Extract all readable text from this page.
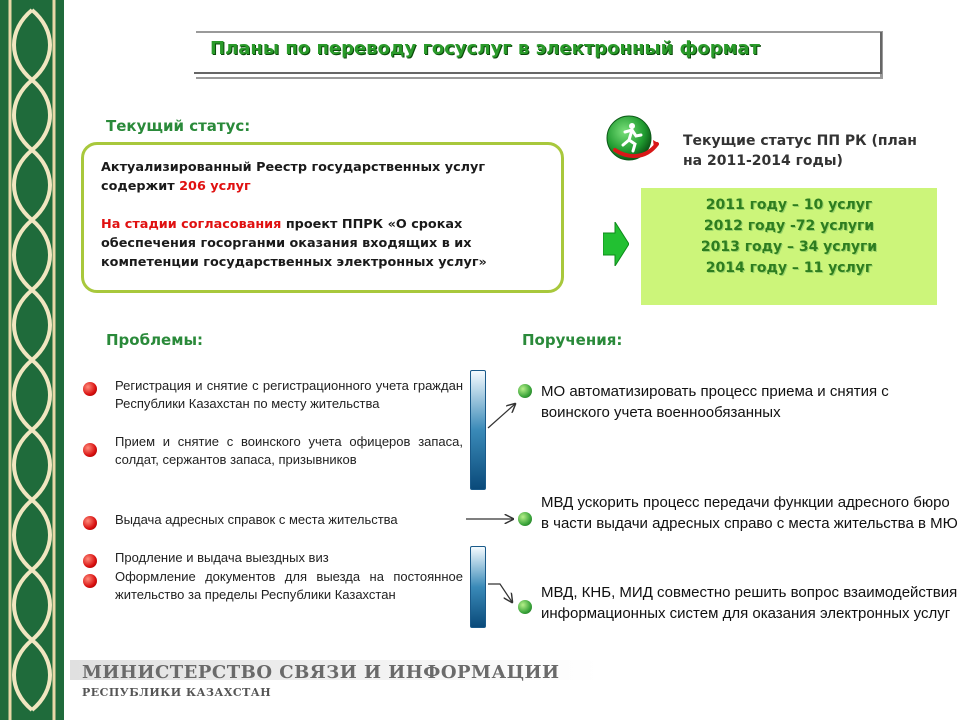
Планы по переводу госуслуг в электронный формат
Текущий статус:
Актуализированный Реестр государственных услуг содержит 206 услуг
На стадии согласования проект ППРК «О сроках обеспечения госорганми оказания входящих в их компетенции государственных электронных услуг»
Текущие статус ПП РК (план
на 2011-2014 годы)
2011 году – 10 услуг
2012 году -72 услуги
2013 году – 34 услуги
2014 году – 11 услуг
Проблемы:	Поручения:
Регистрация и снятие с регистрационного учета граждан Республики Казахстан по месту жительства
Прием и снятие с воинского учета офицеров запаса, солдат, сержантов запаса, призывников
Выдача адресных справок с места жительства
Продление и выдача выездных виз
Оформление документов для выезда на постоянное жительство за пределы Республики Казахстан
МО автоматизировать процесс приема и снятия с воинского учета военнообязанных
МВД ускорить процесс передачи функции адресного бюро в части выдачи адресных справо с места жительства в МЮ
МВД, КНБ, МИД совместно решить вопрос взаимодействия информационных систем для оказания электронных услуг
МИНИСТЕРСТВО СВЯЗИ И ИНФОРМАЦИИ
РЕСПУБЛИКИ КАЗАХСТАН
